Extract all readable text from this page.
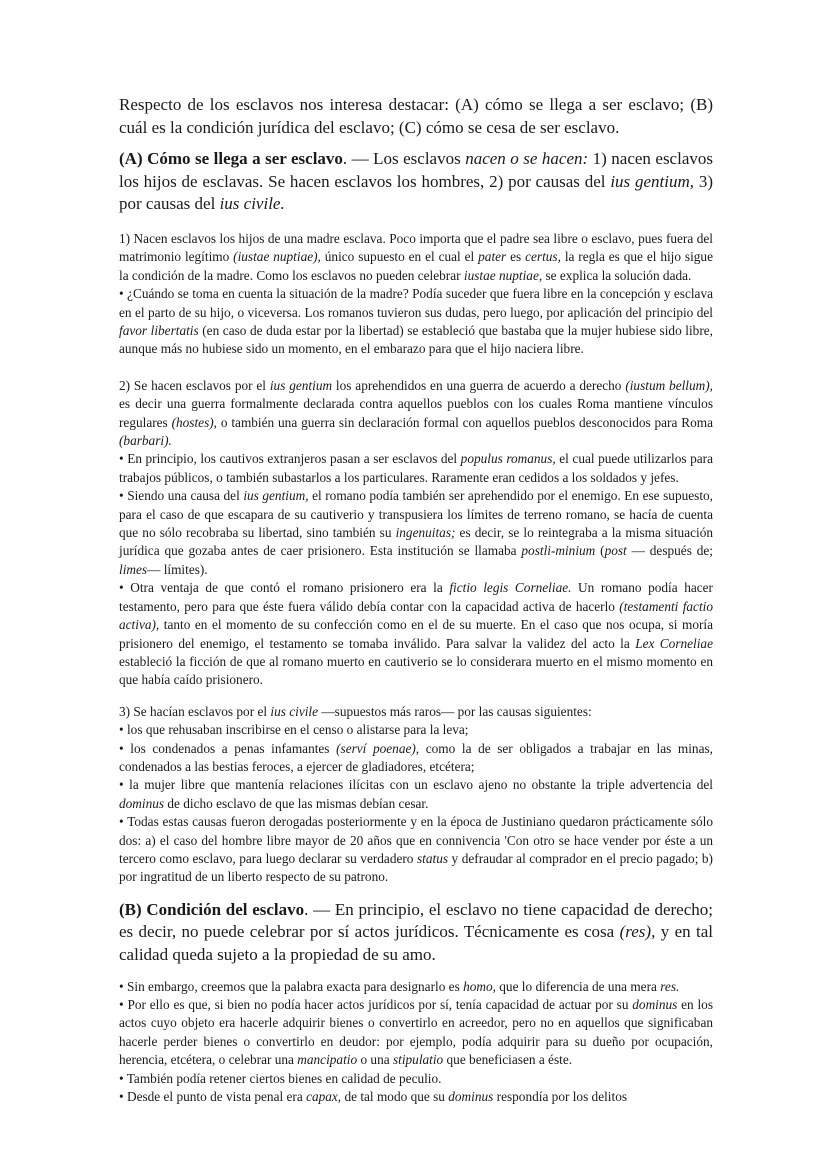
Respecto de los esclavos nos interesa destacar: (A) cómo se llega a ser esclavo; (B) cuál es la condición jurídica del esclavo; (C) cómo se cesa de ser esclavo.

(A) Cómo se llega a ser esclavo. — Los esclavos nacen o se hacen: 1) nacen esclavos los hijos de esclavas. Se hacen esclavos los hombres, 2) por causas del ius gentium, 3) por causas del ius civile.

1) Nacen esclavos los hijos de una madre esclava. Poco importa que el padre sea libre o esclavo, pues fuera del matrimonio legítimo (iustae nuptiae), único supuesto en el cual el pater es certus, la regla es que el hijo sigue la condición de la madre. Como los esclavos no pueden celebrar iustae nuptiae, se explica la solución dada.

• ¿Cuándo se toma en cuenta la situación de la madre? Podía suceder que fuera libre en la concepción y esclava en el parto de su hijo, o viceversa. Los romanos tuvieron sus dudas, pero luego, por aplicación del principio del favor libertatis (en caso de duda estar por la libertad) se estableció que bastaba que la mujer hubiese sido libre, aunque más no hubiese sido un momento, en el embarazo para que el hijo naciera libre.

2) Se hacen esclavos por el ius gentium los aprehendidos en una guerra de acuerdo a derecho (iustum bellum), es decir una guerra formalmente declarada contra aquellos pueblos con los cuales Roma mantiene vínculos regulares (hostes), o también una guerra sin declaración formal con aquellos pueblos desconocidos para Roma (barbari).

• En principio, los cautivos extranjeros pasan a ser esclavos del populus romanus, el cual puede utilizarlos para trabajos públicos, o también subastarlos a los particulares. Raramente eran cedidos a los soldados y jefes.

• Siendo una causa del ius gentium, el romano podía también ser aprehendido por el enemigo. En ese supuesto, para el caso de que escapara de su cautiverio y transpusiera los límites de terreno romano, se hacía de cuenta que no sólo recobraba su libertad, sino también su ingenuitas; es decir, se lo reintegraba a la misma situación jurídica que gozaba antes de caer prisionero. Esta institución se llamaba postli-minium (post — después de; limes— límites).

• Otra ventaja de que contó el romano prisionero era la fictio legis Corneliae. Un romano podía hacer testamento, pero para que éste fuera válido debía contar con la capacidad activa de hacerlo (testamenti factio activa), tanto en el momento de su confección como en el de su muerte. En el caso que nos ocupa, si moría prisionero del enemigo, el testamento se tomaba inválido. Para salvar la validez del acto la Lex Corneliae estableció la ficción de que al romano muerto en cautiverio se lo considerara muerto en el mismo momento en que había caído prisionero.

3) Se hacían esclavos por el ius civile —supuestos más raros— por las causas siguientes:

• los que rehusaban inscribirse en el censo o alistarse para la leva;

• los condenados a penas infamantes (serví poenae), como la de ser obligados a trabajar en las minas, condenados a las bestias feroces, a ejercer de gladiadores, etcétera;

• la mujer libre que mantenía relaciones ilícitas con un esclavo ajeno no obstante la triple advertencia del dominus de dicho esclavo de que las mismas debían cesar.

• Todas estas causas fueron derogadas posteriormente y en la época de Justiniano quedaron prácticamente sólo dos: a) el caso del hombre libre mayor de 20 años que en connivencia 'Con otro se hace vender por éste a un tercero como esclavo, para luego declarar su verdadero status y defraudar al comprador en el precio pagado; b) por ingratitud de un liberto respecto de su patrono.

(B) Condición del esclavo. — En principio, el esclavo no tiene capacidad de derecho; es decir, no puede celebrar por sí actos jurídicos. Técnicamente es cosa (res), y en tal calidad queda sujeto a la propiedad de su amo.

• Sin embargo, creemos que la palabra exacta para designarlo es homo, que lo diferencia de una mera res.

• Por ello es que, si bien no podía hacer actos jurídicos por sí, tenía capacidad de actuar por su dominus en los actos cuyo objeto era hacerle adquirir bienes o convertirlo en acreedor, pero no en aquellos que significaban hacerle perder bienes o convertirlo en deudor: por ejemplo, podía adquirir para su dueño por ocupación, herencia, etcétera, o celebrar una mancipatio o una stipulatio que beneficiasen a éste.

• También podía retener ciertos bienes en calidad de peculio.

• Desde el punto de vista penal era capax, de tal modo que su dominus respondía por los delitos
